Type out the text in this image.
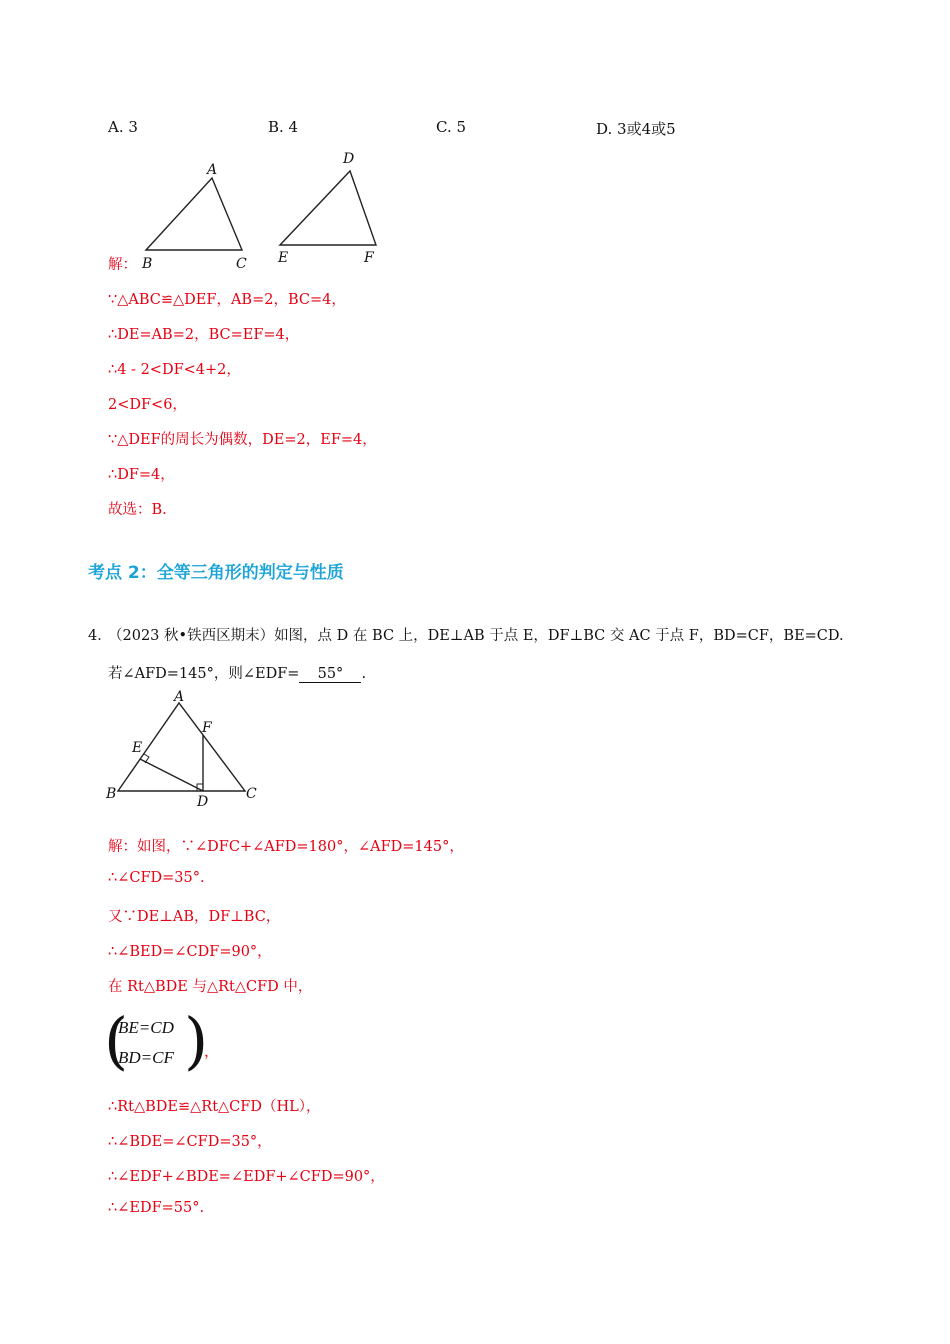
A. 3	B. 4	C. 5	D. 3或4或5
A
B	C
D
E	F
解：
∵△ABC≌△DEF，AB=2，BC=4，
∴DE=AB=2，BC=EF=4，
∴4 - 2<DF<4+2，
2<DF<6，
∵△DEF的周长为偶数，DE=2，EF=4，
∴DF=4，
故选：B.
考点 2：全等三角形的判定与性质
4．
（2023 秋•铁西区期末）如图，点 D 在 BC 上，DE⊥AB 于点 E，DF⊥BC 交 AC 于点 F，BD=CF，BE=CD.
若∠AFD=145°，则∠EDF= 55° .
A
B	C
D
E
F
解：如图，∵∠DFC+∠AFD=180°，∠AFD=145°，
∴∠CFD=35°.
又∵DE⊥AB，DF⊥BC，
∴∠BED=∠CDF=90°，
在 Rt△BDE 与△Rt△CFD 中，
(
BE=CD
BD=CF )
，
∴Rt△BDE≌△Rt△CFD（HL），
∴∠BDE=∠CFD=35°，
∴∠EDF+∠BDE=∠EDF+∠CFD=90°，
∴∠EDF=55°.
